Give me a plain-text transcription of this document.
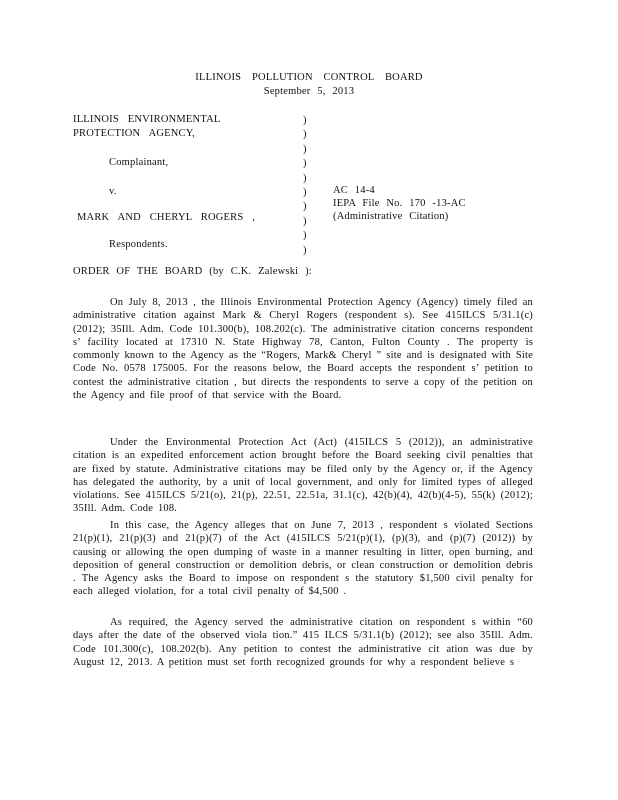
ILLINOIS POLLUTION CONTROL BOARD
September 5, 2013
ILLINOIS ENVIRONMENTAL
PROTECTION AGENCY,
Complainant,
v.
MARK AND CHERYL ROGERS ,
Respondents.
)
)
)
)
)
)
)
)
)
)
AC 14-4
IEPA File No. 170 -13-AC
(Administrative Citation)
ORDER OF THE BOARD (by C.K. Zalewski ):
On July 8, 2013 , the Illinois Environmental Protection Agency (Agency) timely filed an administrative citation against Mark & Cheryl Rogers (respondent s). See 415ILCS 5/31.1(c) (2012); 35Ill. Adm. Code 101.300(b), 108.202(c). The administrative citation concerns respondent s’ facility located at 17310 N. State Highway 78, Canton, Fulton County . The property is commonly known to the Agency as the “Rogers, Mark& Cheryl ” site and is designated with Site Code No. 0578 175005. For the reasons below, the Board accepts the respondent s’ petition to contest the administrative citation , but directs the respondents to serve a copy of the petition on the Agency and file proof of that service with the Board.
Under the Environmental Protection Act (Act) (415ILCS 5 (2012)), an administrative citation is an expedited enforcement action brought before the Board seeking civil penalties that are fixed by statute. Administrative citations may be filed only by the Agency or, if the Agency has delegated the authority, by a unit of local government, and only for limited types of alleged violations. See 415ILCS 5/21(o), 21(p), 22.51, 22.51a, 31.1(c), 42(b)(4), 42(b)(4-5), 55(k) (2012); 35Ill. Adm. Code 108.
In this case, the Agency alleges that on June 7, 2013 , respondent s violated Sections 21(p)(1), 21(p)(3) and 21(p)(7) of the Act (415ILCS 5/21(p)(1), (p)(3), and (p)(7) (2012)) by causing or allowing the open dumping of waste in a manner resulting in litter, open burning, and deposition of general construction or demolition debris, or clean construction or demolition debris . The Agency asks the Board to impose on respondent s the statutory $1,500 civil penalty for each alleged violation, for a total civil penalty of $4,500 .
As required, the Agency served the administrative citation on respondent s within “60 days after the date of the observed viola tion.” 415 ILCS 5/31.1(b) (2012); see also 35Ill. Adm. Code 101.300(c), 108.202(b). Any petition to contest the administrative cit ation was due by August 12, 2013. A petition must set forth recognized grounds for why a respondent believe s
